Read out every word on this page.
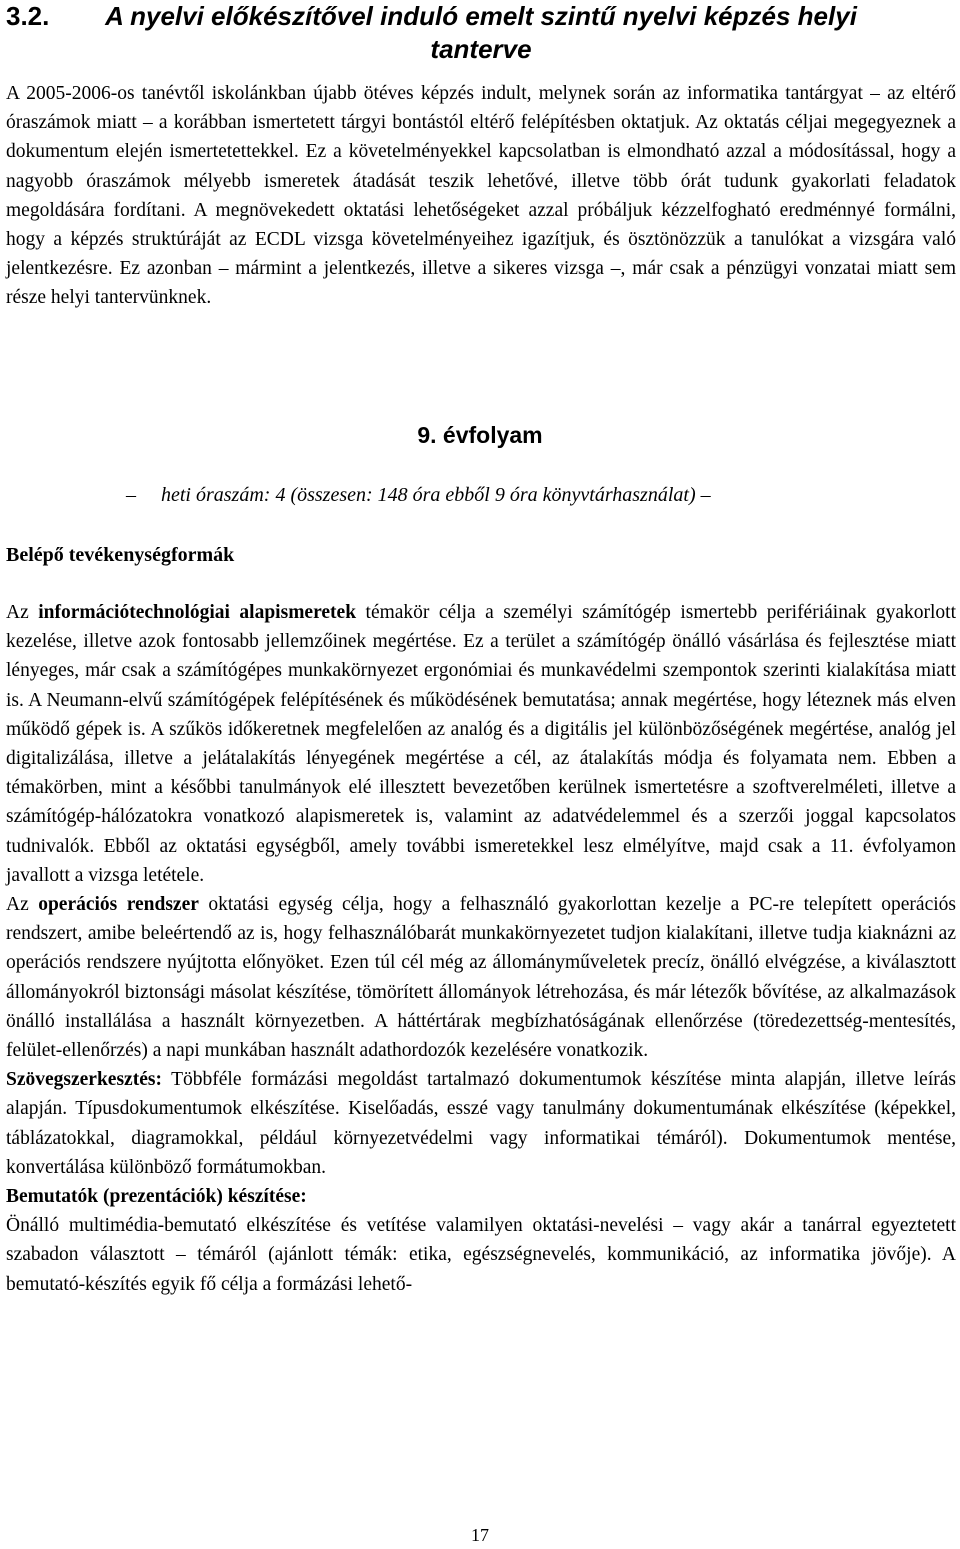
3.2. A nyelvi előkészítővel induló emelt szintű nyelvi képzés helyi
tanterve

A 2005-2006-os tanévtől iskolánkban újabb ötéves képzés indult, melynek során az informatika tantárgyat – az eltérő óraszámok miatt – a korábban ismertetett tárgyi bontástól eltérő felépítésben oktatjuk. Az oktatás céljai megegyeznek a dokumentum elején ismertetettekkel. Ez a követelményekkel kapcsolatban is elmondható azzal a módosítással, hogy a nagyobb óraszámok mélyebb ismeretek átadását teszik lehetővé, illetve több órát tudunk gyakorlati feladatok megoldására fordítani. A megnövekedett oktatási lehetőségeket azzal próbáljuk kézzelfogható eredménnyé formálni, hogy a képzés struktúráját az ECDL vizsga követelményeihez igazítjuk, és ösztönözzük a tanulókat a vizsgára való jelentkezésre. Ez azonban – mármint a jelentkezés, illetve a sikeres vizsga –, már csak a pénzügyi vonzatai miatt sem része helyi tantervünknek.

9. évfolyam
– heti óraszám: 4 (összesen: 148 óra ebből 9 óra könyvtárhasználat) –
Belépő tevékenységformák

Az információtechnológiai alapismeretek témakör célja a személyi számítógép ismertebb perifériáinak gyakorlott kezelése, illetve azok fontosabb jellemzőinek megértése. Ez a terület a számítógép önálló vásárlása és fejlesztése miatt lényeges, már csak a számítógépes munkakörnyezet ergonómiai és munkavédelmi szempontok szerinti kialakítása miatt is. A Neumann-elvű számítógépek felépítésének és működésének bemutatása; annak megértése, hogy léteznek más elven működő gépek is. A szűkös időkeretnek megfelelően az analóg és a digitális jel különbözőségének megértése, analóg jel digitalizálása, illetve a jelátalakítás lényegének megértése a cél, az átalakítás módja és folyamata nem. Ebben a témakörben, mint a későbbi tanulmányok elé illesztett bevezetőben kerülnek ismertetésre a szoftverelméleti, illetve a számítógép-hálózatokra vonatkozó alapismeretek is, valamint az adatvédelemmel és a szerzői joggal kapcsolatos tudnivalók. Ebből az oktatási egységből, amely további ismeretekkel lesz elmélyítve, majd csak a 11. évfolyamon javallott a vizsga letétele.

Az operációs rendszer oktatási egység célja, hogy a felhasználó gyakorlottan kezelje a PC-re telepített operációs rendszert, amibe beleértendő az is, hogy felhasználóbarát munkakörnyezetet tudjon kialakítani, illetve tudja kiaknázni az operációs rendszere nyújtotta előnyöket. Ezen túl cél még az állományműveletek precíz, önálló elvégzése, a kiválasztott állományokról biztonsági másolat készítése, tömörített állományok létrehozása, és már létezők bővítése, az alkalmazások önálló installálása a használt környezetben. A háttértárak megbízhatóságának ellenőrzése (töredezettség-mentesítés, felület-ellenőrzés) a napi munkában használt adathordozók kezelésére vonatkozik.

Szövegszerkesztés: Többféle formázási megoldást tartalmazó dokumentumok készítése minta alapján, illetve leírás alapján. Típusdokumentumok elkészítése. Kiselőadás, esszé vagy tanulmány dokumentumának elkészítése (képekkel, táblázatokkal, diagramokkal, például környezetvédelmi vagy informatikai témáról). Dokumentumok mentése, konvertálása különböző formátumokban.

Bemutatók (prezentációk) készítése:

Önálló multimédia-bemutató elkészítése és vetítése valamilyen oktatási-nevelési – vagy akár a tanárral egyeztetett szabadon választott – témáról (ajánlott témák: etika, egészségnevelés, kommunikáció, az informatika jövője). A bemutató-készítés egyik fő célja a formázási lehető-

17
